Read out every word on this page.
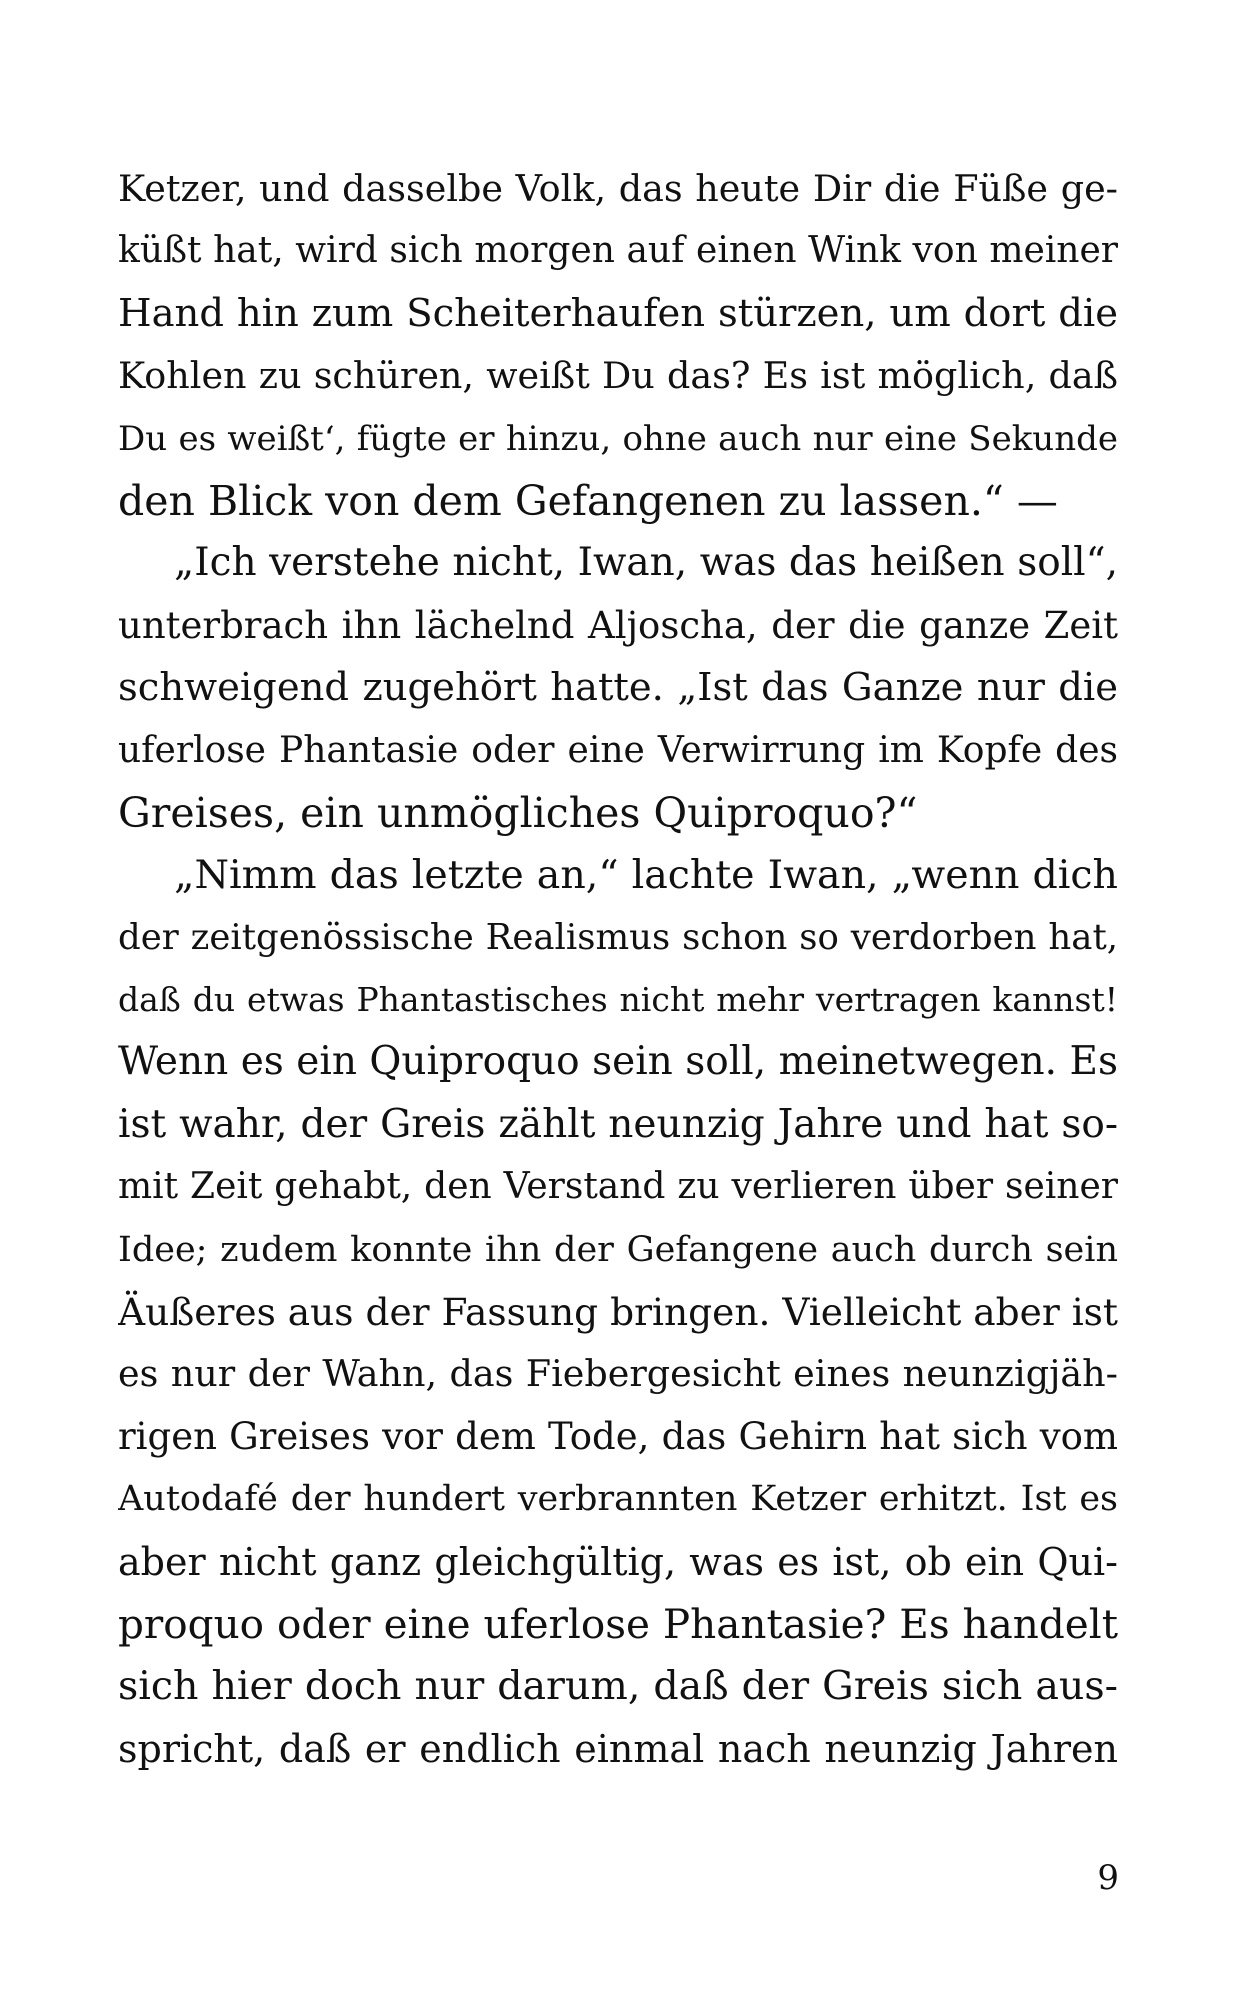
Ketzer, und dasselbe Volk, das heute Dir die Füße ge-
küßt hat, wird sich morgen auf einen Wink von meiner
Hand hin zum Scheiterhaufen stürzen, um dort die
Kohlen zu schüren, weißt Du das? Es ist möglich, daß
Du es weißt‘, fügte er hinzu, ohne auch nur eine Sekunde
den Blick von dem Gefangenen zu lassen.“ —
„Ich verstehe nicht, Iwan, was das heißen soll“,
unterbrach ihn lächelnd Aljoscha, der die ganze Zeit
schweigend zugehört hatte. „Ist das Ganze nur die
uferlose Phantasie oder eine Verwirrung im Kopfe des
Greises, ein unmögliches Quiproquo?“
„Nimm das letzte an,“ lachte Iwan, „wenn dich
der zeitgenössische Realismus schon so verdorben hat,
daß du etwas Phantastisches nicht mehr vertragen kannst!
Wenn es ein Quiproquo sein soll, meinetwegen. Es
ist wahr, der Greis zählt neunzig Jahre und hat so-
mit Zeit gehabt, den Verstand zu verlieren über seiner
Idee; zudem konnte ihn der Gefangene auch durch sein
Äußeres aus der Fassung bringen. Vielleicht aber ist
es nur der Wahn, das Fiebergesicht eines neunzigjäh-
rigen Greises vor dem Tode, das Gehirn hat sich vom
Autodafé der hundert verbrannten Ketzer erhitzt. Ist es
aber nicht ganz gleichgültig, was es ist, ob ein Qui-
proquo oder eine uferlose Phantasie? Es handelt
sich hier doch nur darum, daß der Greis sich aus-
spricht, daß er endlich einmal nach neunzig Jahren
9
